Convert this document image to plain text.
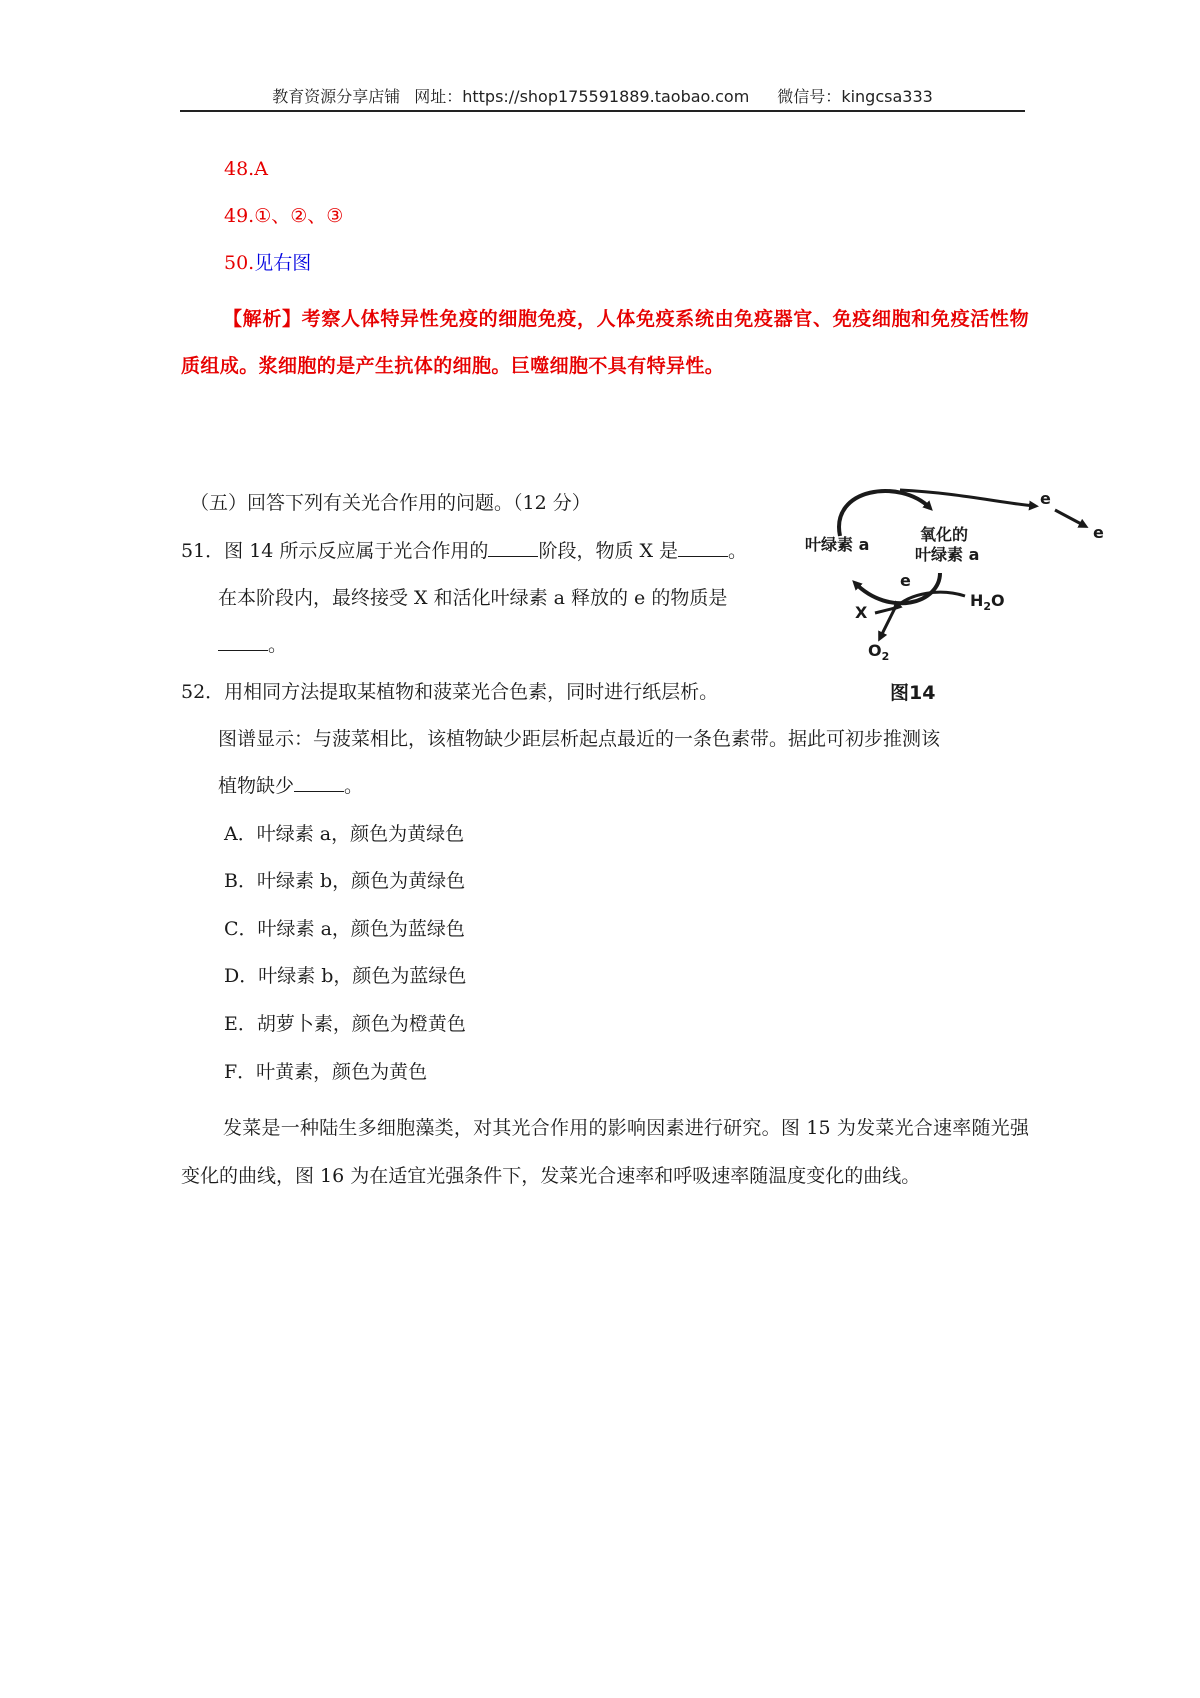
教育资源分享店铺 网址：https://shop175591889.taobao.com 微信号：kingcsa333
48.A
49.①、②、③
50.见右图
【解析】考察人体特异性免疫的细胞免疫，人体免疫系统由免疫器官、免疫细胞和免疫活性物质组成。浆细胞的是产生抗体的细胞。巨噬细胞不具有特异性。
（五）回答下列有关光合作用的问题。（12 分）
51．图 14 所示反应属于光合作用的	阶段，物质 X 是	。
在本阶段内，最终接受 X 和活化叶绿素 a 释放的 e 的物质是
。
52．用相同方法提取某植物和菠菜光合色素，同时进行纸层析。
图谱显示：与菠菜相比，该植物缺少距层析起点最近的一条色素带。据此可初步推测该
植物缺少	。
A．叶绿素 a，颜色为黄绿色
B．叶绿素 b，颜色为黄绿色
C．叶绿素 a，颜色为蓝绿色
D．叶绿素 b，颜色为蓝绿色
E．胡萝卜素，颜色为橙黄色
F．叶黄素，颜色为黄色
发菜是一种陆生多细胞藻类，对其光合作用的影响因素进行研究。图 15 为发菜光合速率随光强变化的曲线，图 16 为在适宜光强条件下，发菜光合速率和呼吸速率随温度变化的曲线。
叶绿素 a
氧化的
叶绿素 a
e
e
e
X
$H_2O$
$O_2$
图14
